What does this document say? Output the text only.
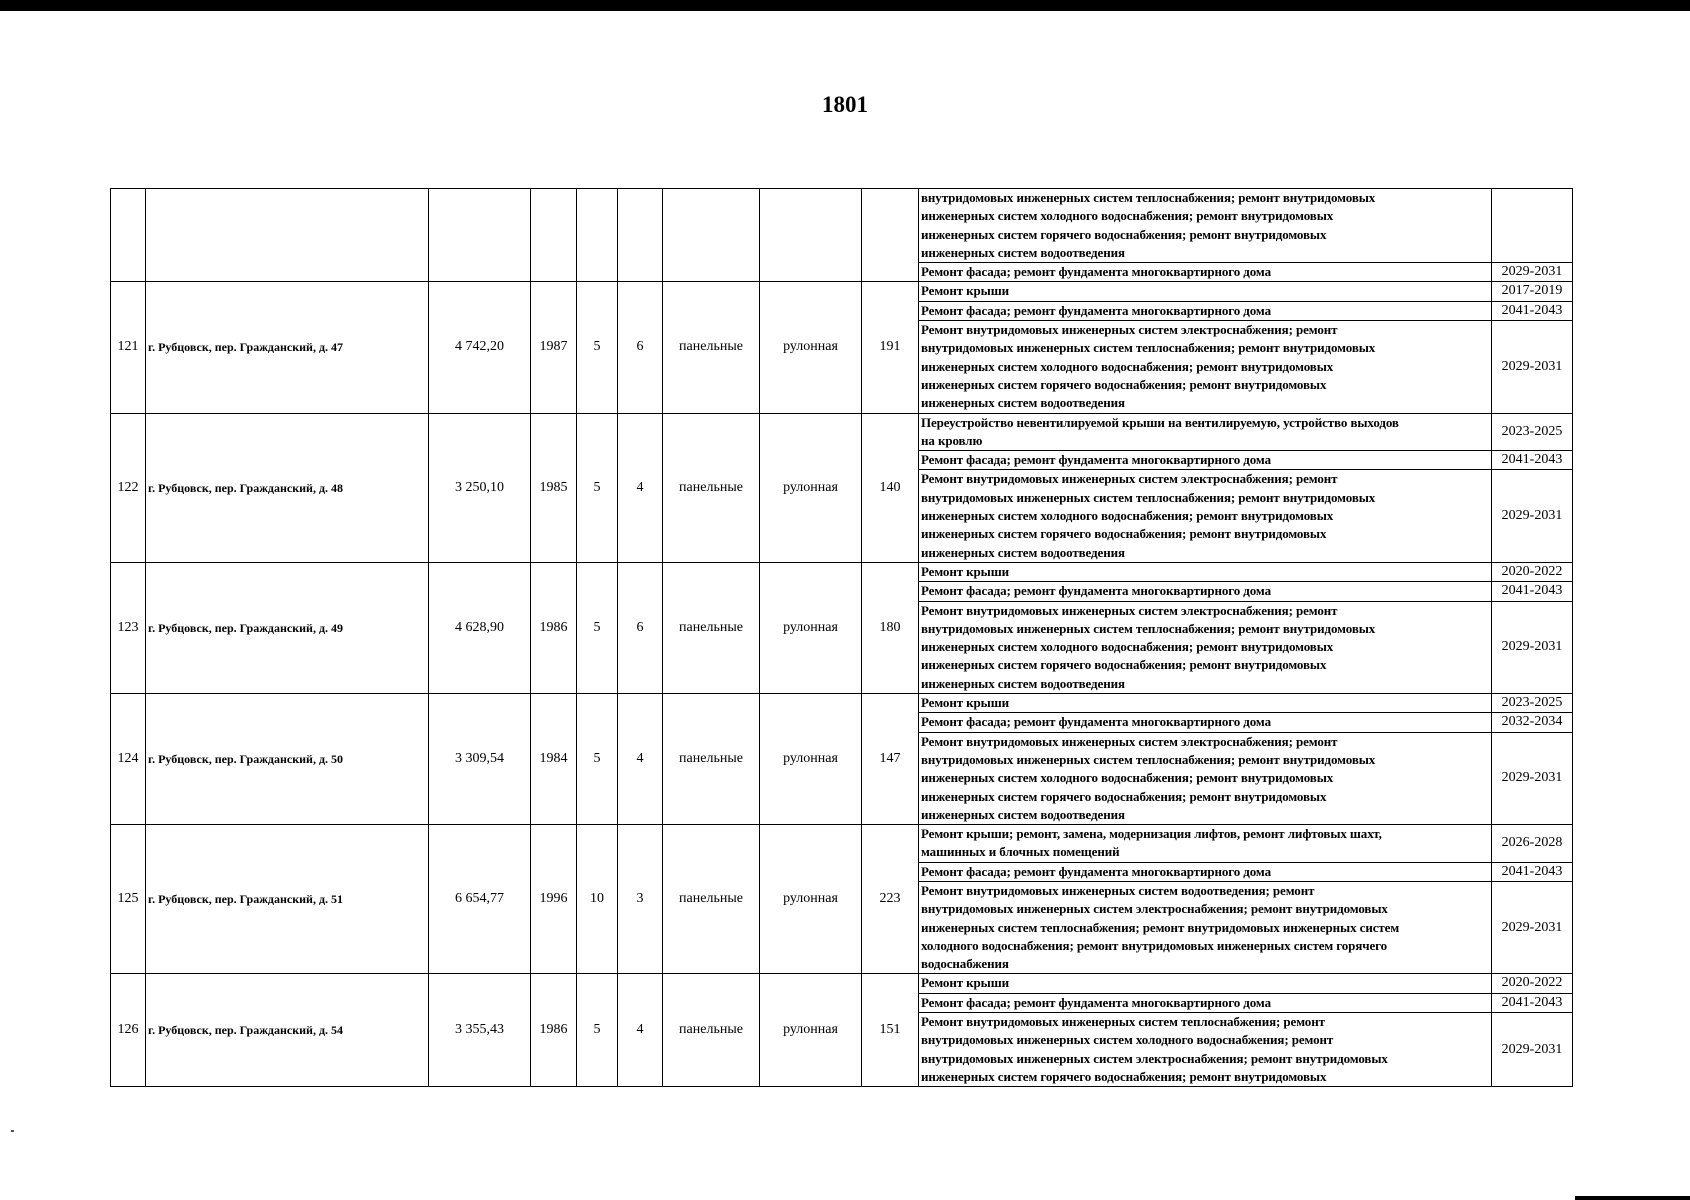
1801

									внутридомовых инженерных систем теплоснабжения; ремонт внутридомовых
инженерных систем холодного водоснабжения; ремонт внутридомовых
инженерных систем горячего водоснабжения; ремонт внутридомовых
инженерных систем водоотведения	

									Ремонт фасада; ремонт фундамента многоквартирного дома	2029-2031
121	г. Рубцовск, пер. Гражданский, д. 47	4 742,20	1987	5	6	панельные	рулонная	191	Ремонт крыши	2017-2019

									Ремонт фасада; ремонт фундамента многоквартирного дома	2041-2043

									Ремонт внутридомовых инженерных систем электроснабжения; ремонт
внутридомовых инженерных систем теплоснабжения; ремонт внутридомовых
инженерных систем холодного водоснабжения; ремонт внутридомовых
инженерных систем горячего водоснабжения; ремонт внутридомовых
инженерных систем водоотведения	2029-2031
122	г. Рубцовск, пер. Гражданский, д. 48	3 250,10	1985	5	4	панельные	рулонная	140	Переустройство невентилируемой крыши на вентилируемую, устройство выходов
на кровлю	2023-2025

									Ремонт фасада; ремонт фундамента многоквартирного дома	2041-2043

									Ремонт внутридомовых инженерных систем электроснабжения; ремонт
внутридомовых инженерных систем теплоснабжения; ремонт внутридомовых
инженерных систем холодного водоснабжения; ремонт внутридомовых
инженерных систем горячего водоснабжения; ремонт внутридомовых
инженерных систем водоотведения	2029-2031
123	г. Рубцовск, пер. Гражданский, д. 49	4 628,90	1986	5	6	панельные	рулонная	180	Ремонт крыши	2020-2022

									Ремонт фасада; ремонт фундамента многоквартирного дома	2041-2043

									Ремонт внутридомовых инженерных систем электроснабжения; ремонт
внутридомовых инженерных систем теплоснабжения; ремонт внутридомовых
инженерных систем холодного водоснабжения; ремонт внутридомовых
инженерных систем горячего водоснабжения; ремонт внутридомовых
инженерных систем водоотведения	2029-2031
124	г. Рубцовск, пер. Гражданский, д. 50	3 309,54	1984	5	4	панельные	рулонная	147	Ремонт крыши	2023-2025

									Ремонт фасада; ремонт фундамента многоквартирного дома	2032-2034

									Ремонт внутридомовых инженерных систем электроснабжения; ремонт
внутридомовых инженерных систем теплоснабжения; ремонт внутридомовых
инженерных систем холодного водоснабжения; ремонт внутридомовых
инженерных систем горячего водоснабжения; ремонт внутридомовых
инженерных систем водоотведения	2029-2031
125	г. Рубцовск, пер. Гражданский, д. 51	6 654,77	1996	10	3	панельные	рулонная	223	Ремонт крыши; ремонт, замена, модернизация лифтов, ремонт лифтовых шахт,
машинных и блочных помещений	2026-2028

									Ремонт фасада; ремонт фундамента многоквартирного дома	2041-2043

									Ремонт внутридомовых инженерных систем водоотведения; ремонт
внутридомовых инженерных систем электроснабжения; ремонт внутридомовых
инженерных систем теплоснабжения; ремонт внутридомовых инженерных систем
холодного водоснабжения; ремонт внутридомовых инженерных систем горячего
водоснабжения	2029-2031
126	г. Рубцовск, пер. Гражданский, д. 54	3 355,43	1986	5	4	панельные	рулонная	151	Ремонт крыши	2020-2022

									Ремонт фасада; ремонт фундамента многоквартирного дома	2041-2043

									Ремонт внутридомовых инженерных систем теплоснабжения; ремонт
внутридомовых инженерных систем холодного водоснабжения; ремонт
внутридомовых инженерных систем электроснабжения; ремонт внутридомовых
инженерных систем горячего водоснабжения; ремонт внутридомовых	2029-2031
